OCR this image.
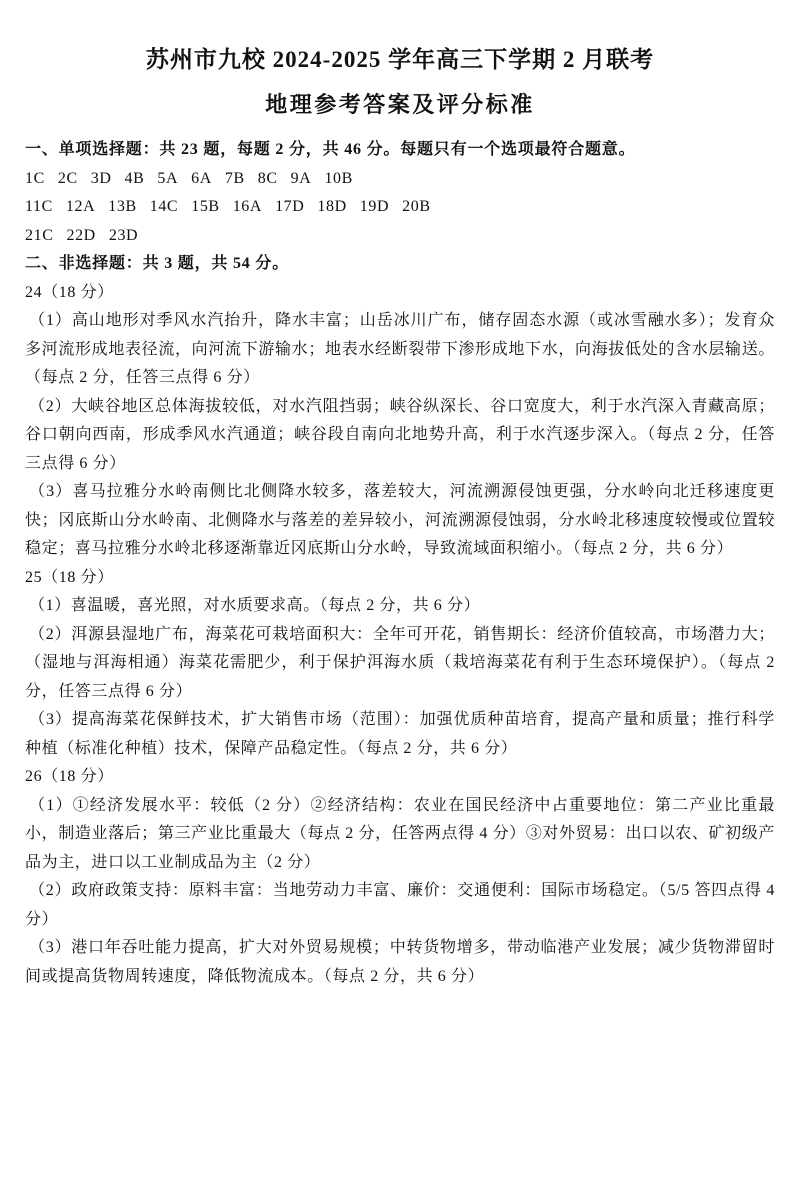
苏州市九校 2024-2025 学年高三下学期 2 月联考
地理参考答案及评分标准

一、单项选择题：共 23 题，每题 2 分，共 46 分。每题只有一个选项最符合题意。

1C 2C 3D 4B 5A 6A 7B 8C 9A 10B
11C 12A 13B 14C 15B 16A 17D 18D 19D 20B
21C 22D 23D

二、非选择题：共 3 题，共 54 分。

24（18 分）

（1）高山地形对季风水汽抬升，降水丰富；山岳冰川广布，储存固态水源（或冰雪融水多）；发育众多河流形成地表径流，向河流下游输水；地表水经断裂带下渗形成地下水，向海拔低处的含水层输送。（每点 2 分，任答三点得 6 分）

（2）大峡谷地区总体海拔较低，对水汽阻挡弱；峡谷纵深长、谷口宽度大，利于水汽深入青藏高原；谷口朝向西南，形成季风水汽通道；峡谷段自南向北地势升高，利于水汽逐步深入。（每点 2 分，任答三点得 6 分）

（3）喜马拉雅分水岭南侧比北侧降水较多，落差较大，河流溯源侵蚀更强，分水岭向北迁移速度更快；冈底斯山分水岭南、北侧降水与落差的差异较小，河流溯源侵蚀弱，分水岭北移速度较慢或位置较稳定；喜马拉雅分水岭北移逐渐靠近冈底斯山分水岭，导致流域面积缩小。（每点 2 分，共 6 分）

25（18 分）

（1）喜温暖，喜光照，对水质要求高。（每点 2 分，共 6 分）

（2）洱源县湿地广布，海菜花可栽培面积大：全年可开花，销售期长：经济价值较高，市场潜力大；（湿地与洱海相通）海菜花需肥少，利于保护洱海水质（栽培海菜花有利于生态环境保护）。（每点 2 分，任答三点得 6 分）

（3）提高海菜花保鲜技术，扩大销售市场（范围）：加强优质种苗培育，提高产量和质量；推行科学种植（标准化种植）技术，保障产品稳定性。（每点 2 分，共 6 分）

26（18 分）

（1）①经济发展水平：较低（2 分）②经济结构：农业在国民经济中占重要地位：第二产业比重最小，制造业落后；第三产业比重最大（每点 2 分，任答两点得 4 分）③对外贸易：出口以农、矿初级产品为主，进口以工业制成品为主（2 分）

（2）政府政策支持：原料丰富：当地劳动力丰富、廉价：交通便利：国际市场稳定。（5/5 答四点得 4 分）

（3）港口年吞吐能力提高，扩大对外贸易规模；中转货物增多，带动临港产业发展；减少货物滞留时间或提高货物周转速度，降低物流成本。（每点 2 分，共 6 分）
